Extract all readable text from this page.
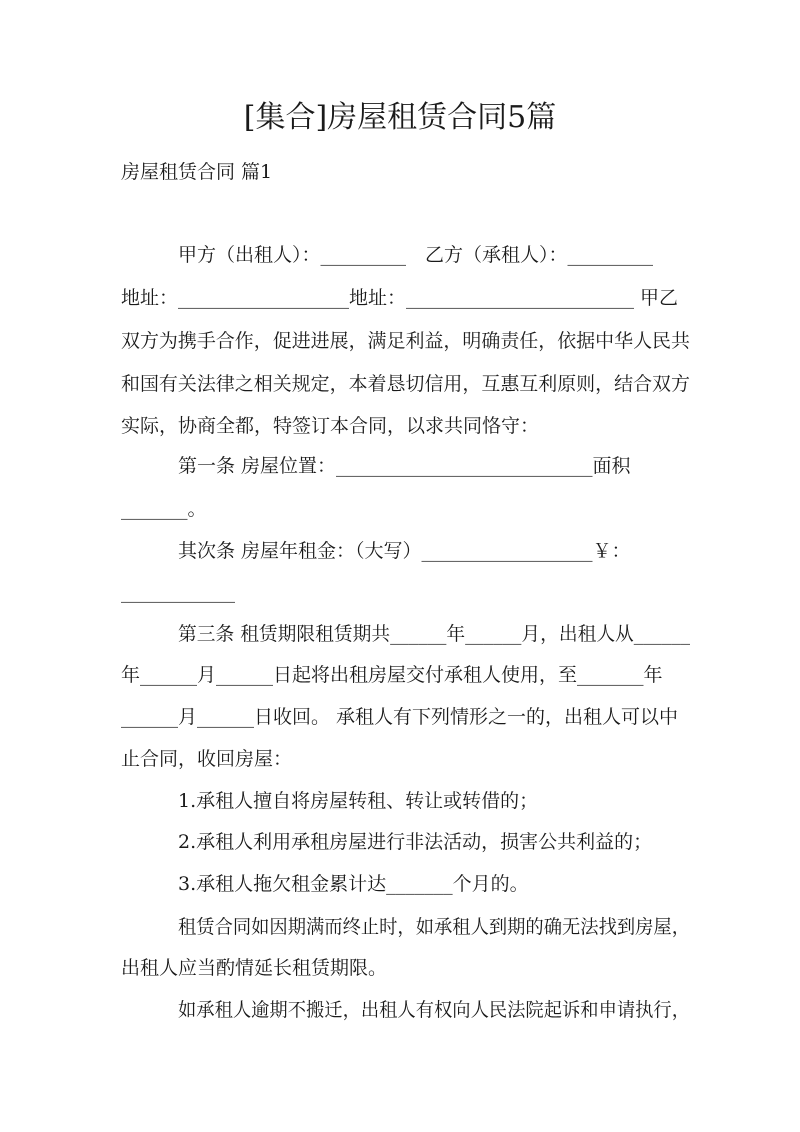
[集合]房屋租赁合同5篇
房屋租赁合同 篇1
甲方（出租人）：_________　乙方（承租人）：_________
地址：__________________地址：________________________ 甲乙
双方为携手合作，促进进展，满足利益，明确责任，依据中华人民共
和国有关法律之相关规定，本着恳切信用，互惠互利原则，结合双方
实际，协商全都，特签订本合同，以求共同恪守：
第一条 房屋位置：___________________________面积
_______。
其次条 房屋年租金：（大写）__________________￥：
____________
第三条 租赁期限租赁期共______年______月，出租人从______
年______月______日起将出租房屋交付承租人使用，至_______年
______月______日收回。 承租人有下列情形之一的，出租人可以中
止合同，收回房屋：
1.承租人擅自将房屋转租、转让或转借的；
2.承租人利用承租房屋进行非法活动，损害公共利益的；
3.承租人拖欠租金累计达_______个月的。
租赁合同如因期满而终止时，如承租人到期的确无法找到房屋，
出租人应当酌情延长租赁期限。
如承租人逾期不搬迁，出租人有权向人民法院起诉和申请执行，
